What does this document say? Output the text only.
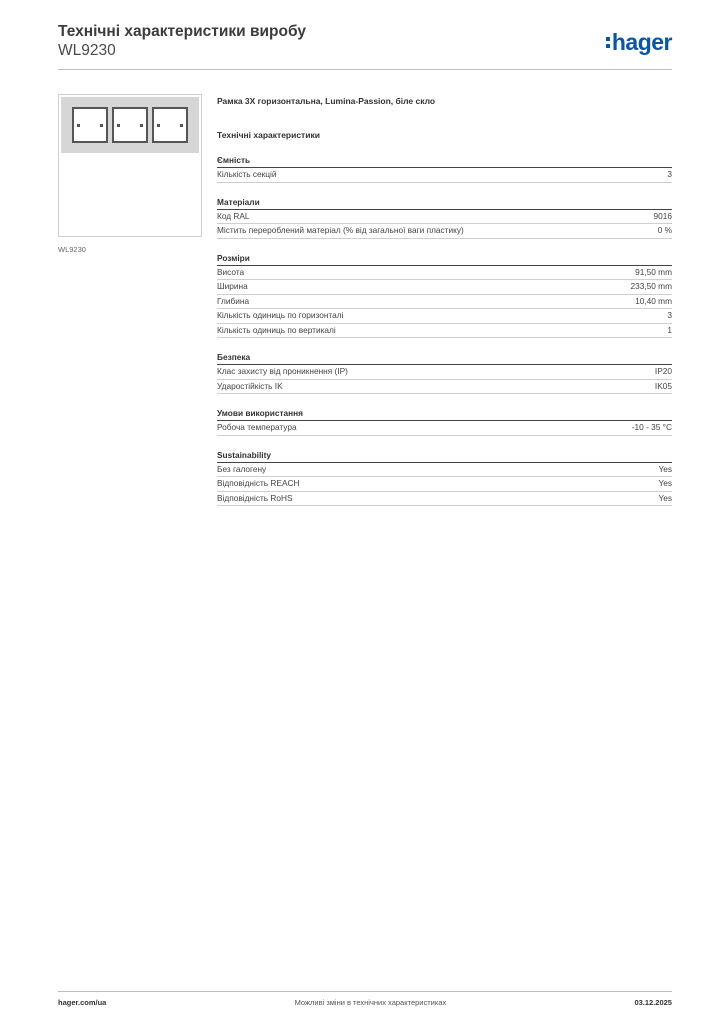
Технічні характеристики виробу
WL9230	hager
WL9230
Рамка 3X горизонтальна, Lumina-Passion, біле скло
Технічні характеристики
Ємність
Кількість секцій	3
Матеріали
Код RAL	9016
Містить перероблений матеріал (% від загальної ваги пластику)	0 %
Розміри
Висота	91,50 mm
Ширина	233,50 mm
Глибина	10,40 mm
Кількість одиниць по горизонталі	3
Кількість одиниць по вертикалі	1
Безпека
Клас захисту від проникнення (IP)	IP20
Ударостійкість IK	IK05
Умови використання
Робоча температура	-10 - 35 °C
Sustainability
Без галогену	Yes
Відповідність REACH	Yes
Відповідність RoHS	Yes
hager.com/ua	Можливі зміни в технічних характеристиках	03.12.2025
